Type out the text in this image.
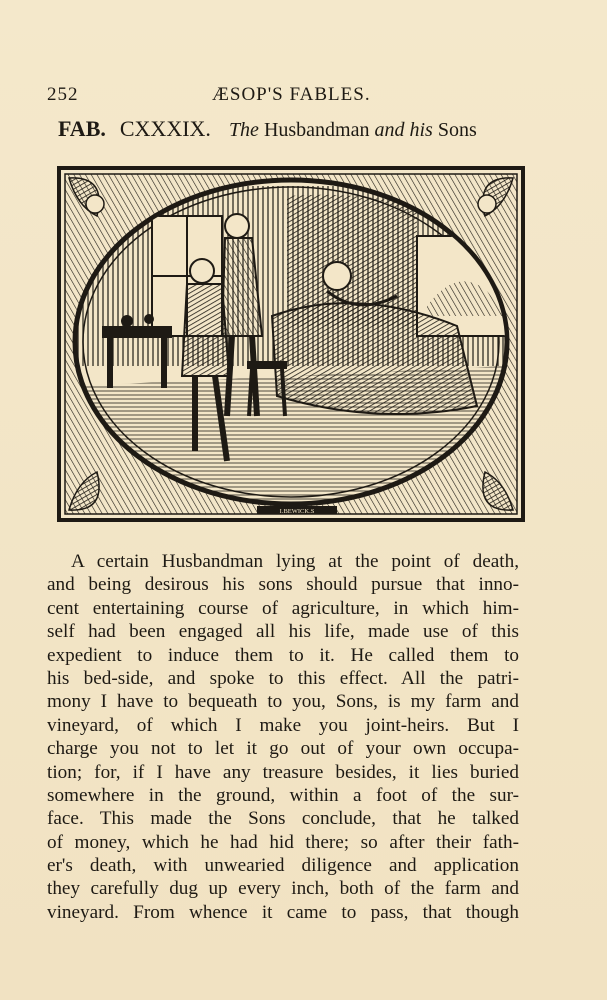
252	ÆSOP'S FABLES.
FAB. CXXXIX. The Husbandman and his Sons
I.BEWICK.S
A certain Husbandman lying at the point of death,
and being desirous his sons should pursue that inno-
cent entertaining course of agriculture, in which him-
self had been engaged all his life, made use of this
expedient to induce them to it. He called them to
his bed-side, and spoke to this effect. All the patri-
mony I have to bequeath to you, Sons, is my farm and
vineyard, of which I make you joint-heirs. But I
charge you not to let it go out of your own occupa-
tion; for, if I have any treasure besides, it lies buried
somewhere in the ground, within a foot of the sur-
face. This made the Sons conclude, that he talked
of money, which he had hid there; so after their fath-
er's death, with unwearied diligence and application
they carefully dug up every inch, both of the farm and
vineyard. From whence it came to pass, that though
